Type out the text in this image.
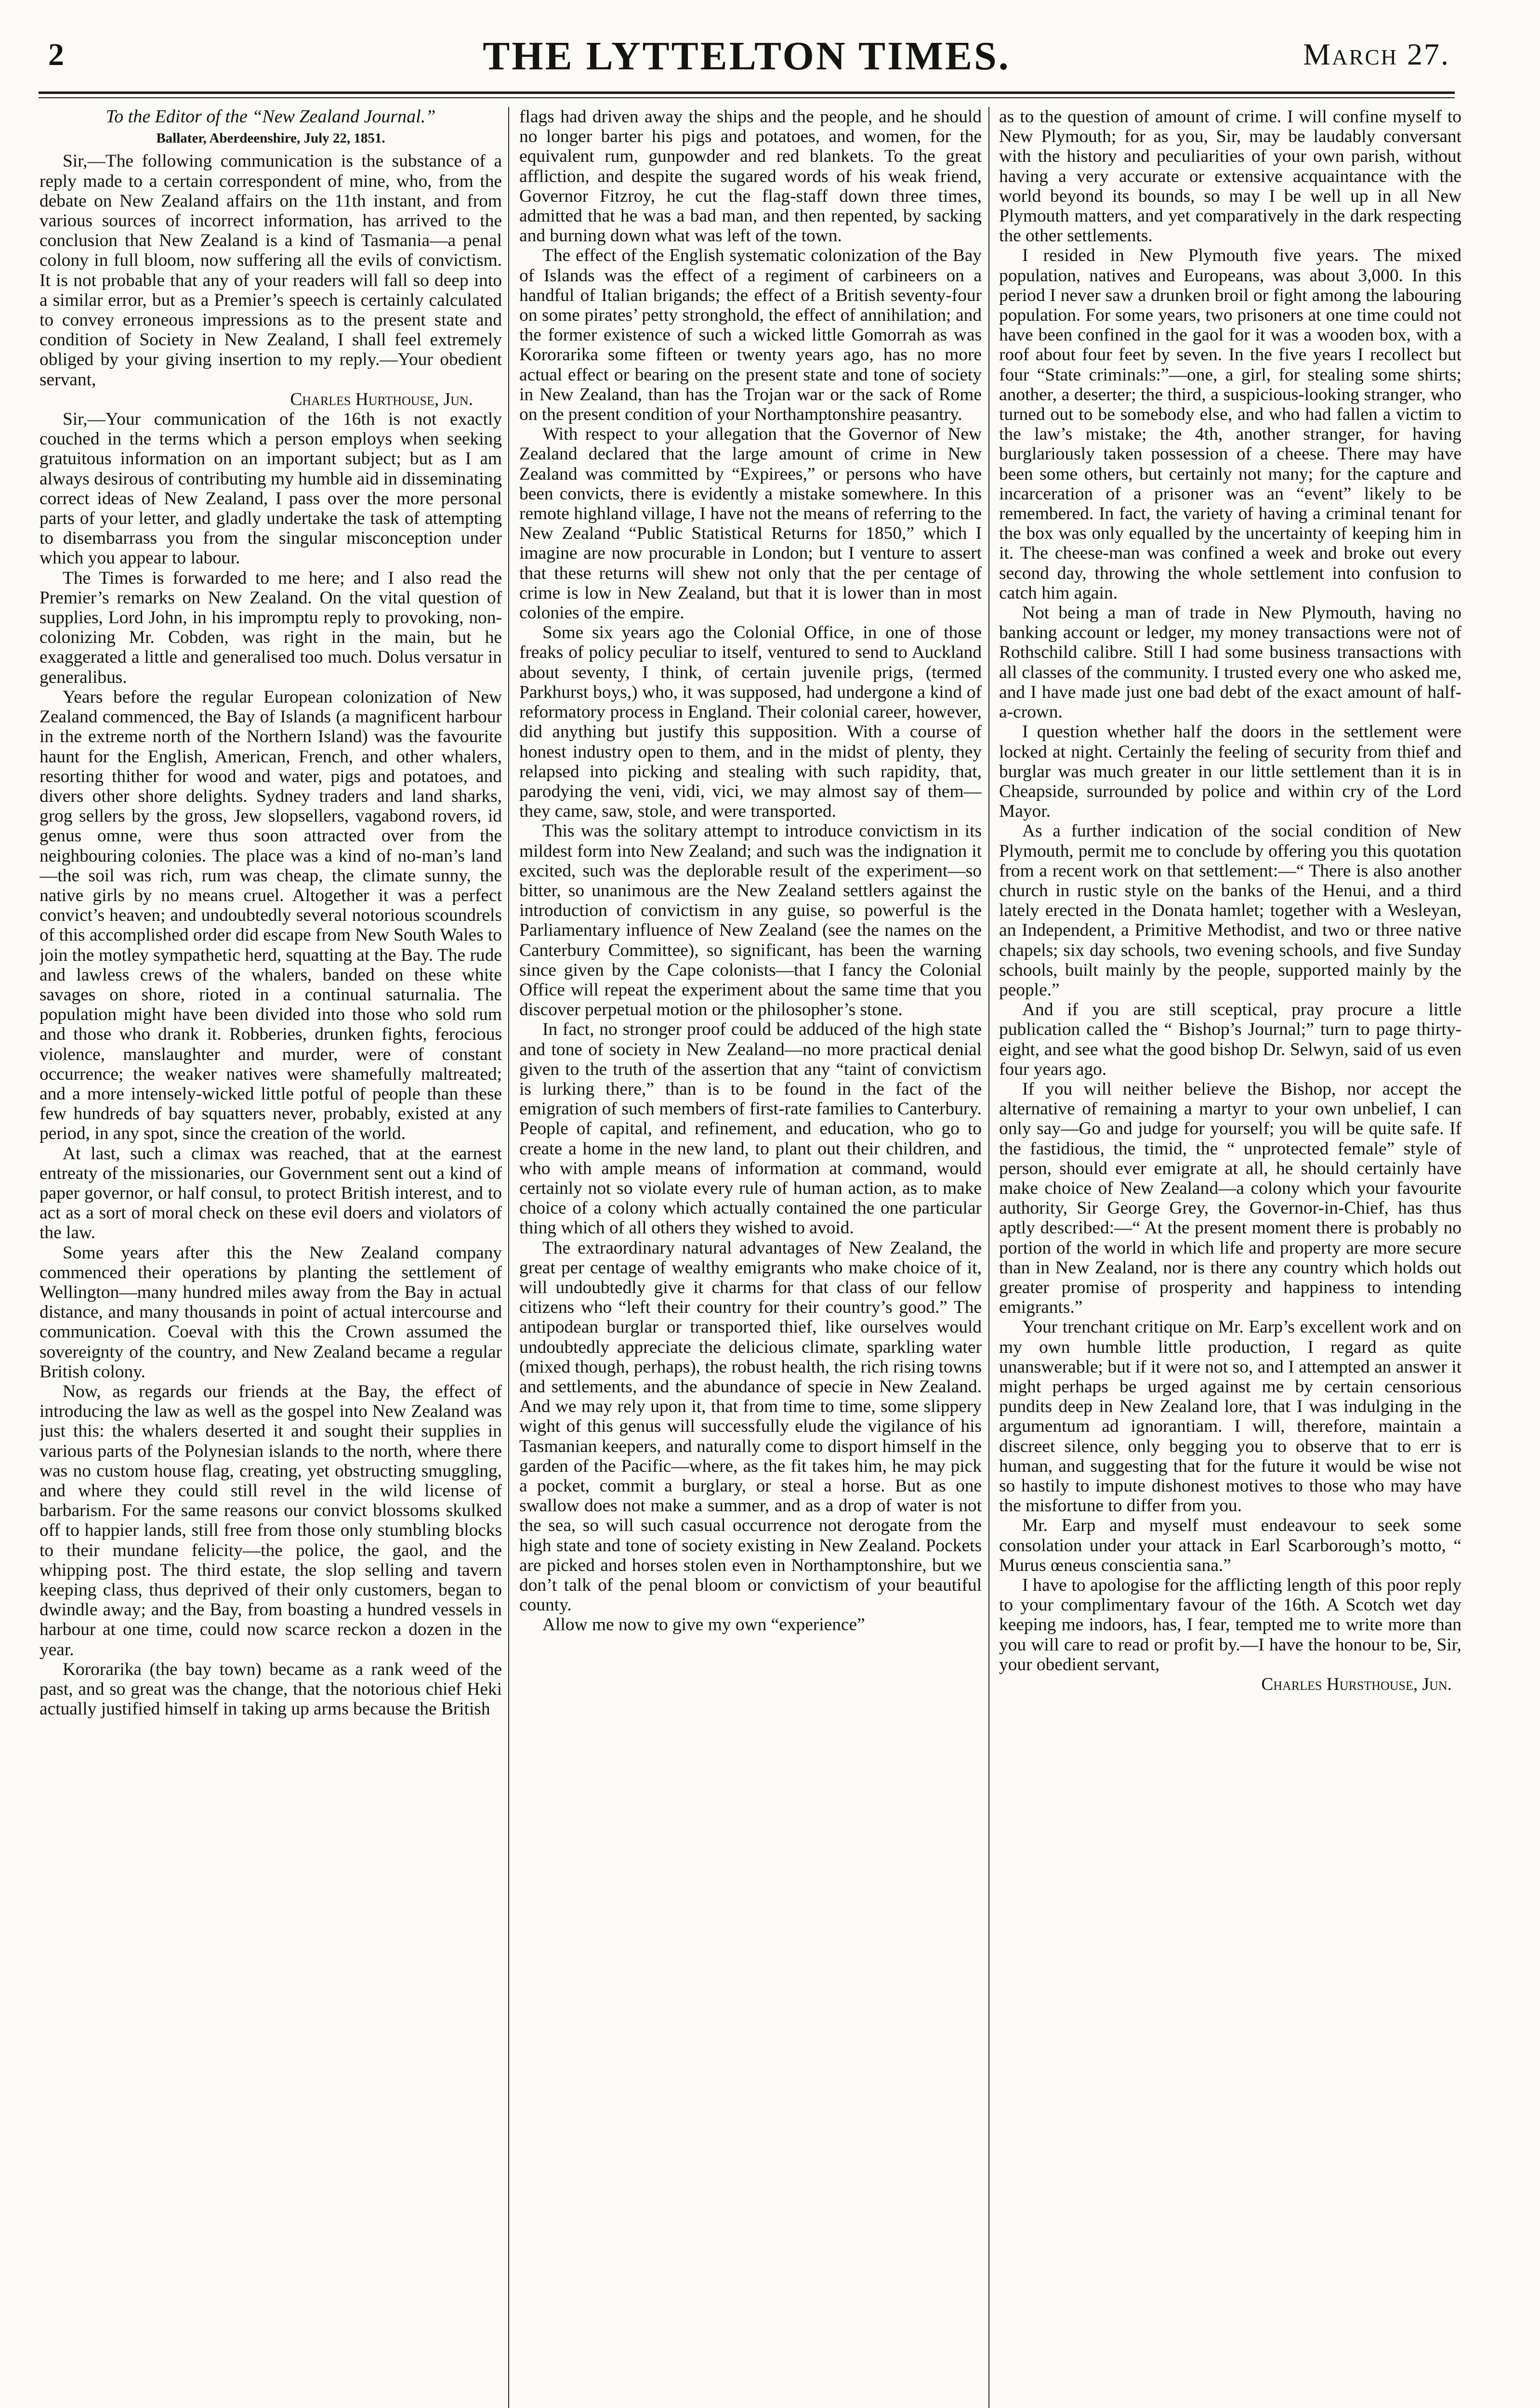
2	THE LYTTELTON TIMES.	March 27.

To the Editor of the “New Zealand Journal.”

Ballater, Aberdeenshire, July 22, 1851.

Sir,—The following communication is the substance of a reply made to a certain correspondent of mine, who, from the debate on New Zealand affairs on the 11th instant, and from various sources of incorrect information, has arrived to the conclusion that New Zealand is a kind of Tasmania—a penal colony in full bloom, now suffering all the evils of convictism. It is not probable that any of your readers will fall so deep into a similar error, but as a Premier’s speech is certainly calculated to convey erroneous impressions as to the present state and condition of Society in New Zealand, I shall feel extremely obliged by your giving insertion to my reply.—Your obedient servant,

Charles Hurthouse, Jun.

Sir,—Your communication of the 16th is not exactly couched in the terms which a person employs when seeking gratuitous information on an important subject; but as I am always desirous of contributing my humble aid in disseminating correct ideas of New Zealand, I pass over the more personal parts of your letter, and gladly undertake the task of attempting to disembarrass you from the singular misconception under which you appear to labour.

The Times is forwarded to me here; and I also read the Premier’s remarks on New Zealand. On the vital question of supplies, Lord John, in his impromptu reply to provoking, non-colonizing Mr. Cobden, was right in the main, but he exaggerated a little and generalised too much. Dolus versatur in generalibus.

Years before the regular European colonization of New Zealand commenced, the Bay of Islands (a magnificent harbour in the extreme north of the Northern Island) was the favourite haunt for the English, American, French, and other whalers, resorting thither for wood and water, pigs and potatoes, and divers other shore delights. Sydney traders and land sharks, grog sellers by the gross, Jew slopsellers, vagabond rovers, id genus omne, were thus soon attracted over from the neighbouring colonies. The place was a kind of no-man’s land—the soil was rich, rum was cheap, the climate sunny, the native girls by no means cruel. Altogether it was a perfect convict’s heaven; and undoubtedly several notorious scoundrels of this accomplished order did escape from New South Wales to join the motley sympathetic herd, squatting at the Bay. The rude and lawless crews of the whalers, banded on these white savages on shore, rioted in a continual saturnalia. The population might have been divided into those who sold rum and those who drank it. Robberies, drunken fights, ferocious violence, manslaughter and murder, were of constant occurrence; the weaker natives were shamefully maltreated; and a more intensely-wicked little potful of people than these few hundreds of bay squatters never, probably, existed at any period, in any spot, since the creation of the world.

At last, such a climax was reached, that at the earnest entreaty of the missionaries, our Government sent out a kind of paper governor, or half consul, to protect British interest, and to act as a sort of moral check on these evil doers and violators of the law.

Some years after this the New Zealand company commenced their operations by planting the settlement of Wellington—many hundred miles away from the Bay in actual distance, and many thousands in point of actual intercourse and communication. Coeval with this the Crown assumed the sovereignty of the country, and New Zealand became a regular British colony.

Now, as regards our friends at the Bay, the effect of introducing the law as well as the gospel into New Zealand was just this: the whalers deserted it and sought their supplies in various parts of the Polynesian islands to the north, where there was no custom house flag, creating, yet obstructing smuggling, and where they could still revel in the wild license of barbarism. For the same reasons our convict blossoms skulked off to happier lands, still free from those only stumbling blocks to their mundane felicity—the police, the gaol, and the whipping post. The third estate, the slop selling and tavern keeping class, thus deprived of their only customers, began to dwindle away; and the Bay, from boasting a hundred vessels in harbour at one time, could now scarce reckon a dozen in the year.

Kororarika (the bay town) became as a rank weed of the past, and so great was the change, that the notorious chief Heki actually justified himself in taking up arms because the British

flags had driven away the ships and the people, and he should no longer barter his pigs and potatoes, and women, for the equivalent rum, gunpowder and red blankets. To the great affliction, and despite the sugared words of his weak friend, Governor Fitzroy, he cut the flag-staff down three times, admitted that he was a bad man, and then repented, by sacking and burning down what was left of the town.

The effect of the English systematic colonization of the Bay of Islands was the effect of a regiment of carbineers on a handful of Italian brigands; the effect of a British seventy-four on some pirates’ petty stronghold, the effect of annihilation; and the former existence of such a wicked little Gomorrah as was Kororarika some fifteen or twenty years ago, has no more actual effect or bearing on the present state and tone of society in New Zealand, than has the Trojan war or the sack of Rome on the present condition of your Northamptonshire peasantry.

With respect to your allegation that the Governor of New Zealand declared that the large amount of crime in New Zealand was committed by “Expirees,” or persons who have been convicts, there is evidently a mistake somewhere. In this remote highland village, I have not the means of referring to the New Zealand “Public Statistical Returns for 1850,” which I imagine are now procurable in London; but I venture to assert that these returns will shew not only that the per centage of crime is low in New Zealand, but that it is lower than in most colonies of the empire.

Some six years ago the Colonial Office, in one of those freaks of policy peculiar to itself, ventured to send to Auckland about seventy, I think, of certain juvenile prigs, (termed Parkhurst boys,) who, it was supposed, had undergone a kind of reformatory process in England. Their colonial career, however, did anything but justify this supposition. With a course of honest industry open to them, and in the midst of plenty, they relapsed into picking and stealing with such rapidity, that, parodying the veni, vidi, vici, we may almost say of them—they came, saw, stole, and were transported.

This was the solitary attempt to introduce convictism in its mildest form into New Zealand; and such was the indignation it excited, such was the deplorable result of the experiment—so bitter, so unanimous are the New Zealand settlers against the introduction of convictism in any guise, so powerful is the Parliamentary influence of New Zealand (see the names on the Canterbury Committee), so significant, has been the warning since given by the Cape colonists—that I fancy the Colonial Office will repeat the experiment about the same time that you discover perpetual motion or the philosopher’s stone.

In fact, no stronger proof could be adduced of the high state and tone of society in New Zealand—no more practical denial given to the truth of the assertion that any “taint of convictism is lurking there,” than is to be found in the fact of the emigration of such members of first-rate families to Canterbury. People of capital, and refinement, and education, who go to create a home in the new land, to plant out their children, and who with ample means of information at command, would certainly not so violate every rule of human action, as to make choice of a colony which actually contained the one particular thing which of all others they wished to avoid.

The extraordinary natural advantages of New Zealand, the great per centage of wealthy emigrants who make choice of it, will undoubtedly give it charms for that class of our fellow citizens who “left their country for their country’s good.” The antipodean burglar or transported thief, like ourselves would undoubtedly appreciate the delicious climate, sparkling water (mixed though, perhaps), the robust health, the rich rising towns and settlements, and the abundance of specie in New Zealand. And we may rely upon it, that from time to time, some slippery wight of this genus will successfully elude the vigilance of his Tasmanian keepers, and naturally come to disport himself in the garden of the Pacific—where, as the fit takes him, he may pick a pocket, commit a burglary, or steal a horse. But as one swallow does not make a summer, and as a drop of water is not the sea, so will such casual occurrence not derogate from the high state and tone of society existing in New Zealand. Pockets are picked and horses stolen even in Northamptonshire, but we don’t talk of the penal bloom or convictism of your beautiful county.

Allow me now to give my own “experience”

as to the question of amount of crime. I will confine myself to New Plymouth; for as you, Sir, may be laudably conversant with the history and peculiarities of your own parish, without having a very accurate or extensive acquaintance with the world beyond its bounds, so may I be well up in all New Plymouth matters, and yet comparatively in the dark respecting the other settlements.

I resided in New Plymouth five years. The mixed population, natives and Europeans, was about 3,000. In this period I never saw a drunken broil or fight among the labouring population. For some years, two prisoners at one time could not have been confined in the gaol for it was a wooden box, with a roof about four feet by seven. In the five years I recollect but four “State criminals:”—one, a girl, for stealing some shirts; another, a deserter; the third, a suspicious-looking stranger, who turned out to be somebody else, and who had fallen a victim to the law’s mistake; the 4th, another stranger, for having burglariously taken possession of a cheese. There may have been some others, but certainly not many; for the capture and incarceration of a prisoner was an “event” likely to be remembered. In fact, the variety of having a criminal tenant for the box was only equalled by the uncertainty of keeping him in it. The cheese-man was confined a week and broke out every second day, throwing the whole settlement into confusion to catch him again.

Not being a man of trade in New Plymouth, having no banking account or ledger, my money transactions were not of Rothschild calibre. Still I had some business transactions with all classes of the community. I trusted every one who asked me, and I have made just one bad debt of the exact amount of half-a-crown.

I question whether half the doors in the settlement were locked at night. Certainly the feeling of security from thief and burglar was much greater in our little settlement than it is in Cheapside, surrounded by police and within cry of the Lord Mayor.

As a further indication of the social condition of New Plymouth, permit me to conclude by offering you this quotation from a recent work on that settlement:—“ There is also another church in rustic style on the banks of the Henui, and a third lately erected in the Donata hamlet; together with a Wesleyan, an Independent, a Primitive Methodist, and two or three native chapels; six day schools, two evening schools, and five Sunday schools, built mainly by the people, supported mainly by the people.”

And if you are still sceptical, pray procure a little publication called the “ Bishop’s Journal;” turn to page thirty-eight, and see what the good bishop Dr. Selwyn, said of us even four years ago.

If you will neither believe the Bishop, nor accept the alternative of remaining a martyr to your own unbelief, I can only say—Go and judge for yourself; you will be quite safe. If the fastidious, the timid, the “ unprotected female” style of person, should ever emigrate at all, he should certainly have make choice of New Zealand—a colony which your favourite authority, Sir George Grey, the Governor-in-Chief, has thus aptly described:—“ At the present moment there is probably no portion of the world in which life and property are more secure than in New Zealand, nor is there any country which holds out greater promise of prosperity and happiness to intending emigrants.”

Your trenchant critique on Mr. Earp’s excellent work and on my own humble little production, I regard as quite unanswerable; but if it were not so, and I attempted an answer it might perhaps be urged against me by certain censorious pundits deep in New Zealand lore, that I was indulging in the argumentum ad ignorantiam. I will, therefore, maintain a discreet silence, only begging you to observe that to err is human, and suggesting that for the future it would be wise not so hastily to impute dishonest motives to those who may have the misfortune to differ from you.

Mr. Earp and myself must endeavour to seek some consolation under your attack in Earl Scarborough’s motto, “ Murus œneus conscientia sana.”

I have to apologise for the afflicting length of this poor reply to your complimentary favour of the 16th. A Scotch wet day keeping me indoors, has, I fear, tempted me to write more than you will care to read or profit by.—I have the honour to be, Sir, your obedient servant,

Charles Hursthouse, Jun.
